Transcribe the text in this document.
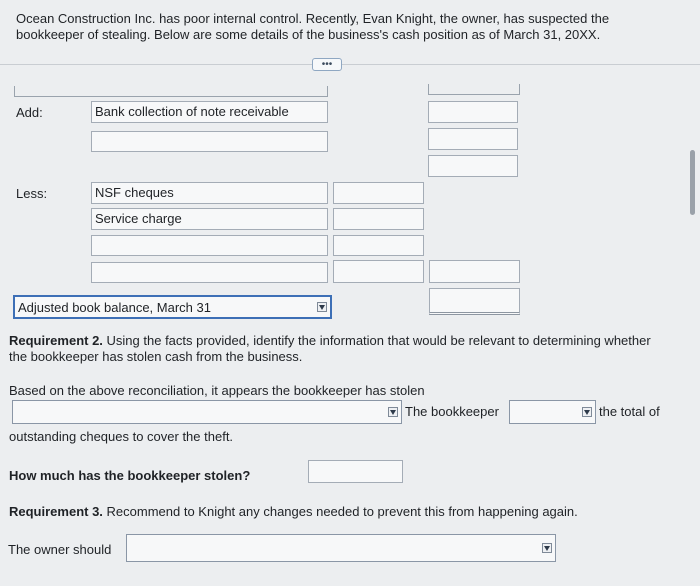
Ocean Construction Inc. has poor internal control. Recently, Evan Knight, the owner, has suspected the bookkeeper of stealing. Below are some details of the business's cash position as of March 31, 20XX.
•••
Add:	Bank collection of note receivable
Less:	NSF cheques
Service charge
Adjusted book balance, March 31
Requirement 2. Using the facts provided, identify the information that would be relevant to determining whether the bookkeeper has stolen cash from the business.
Based on the above reconciliation, it appears the bookkeeper has stolen
The bookkeeper	the total of
outstanding cheques to cover the theft.
How much has the bookkeeper stolen?
Requirement 3. Recommend to Knight any changes needed to prevent this from happening again.
The owner should
